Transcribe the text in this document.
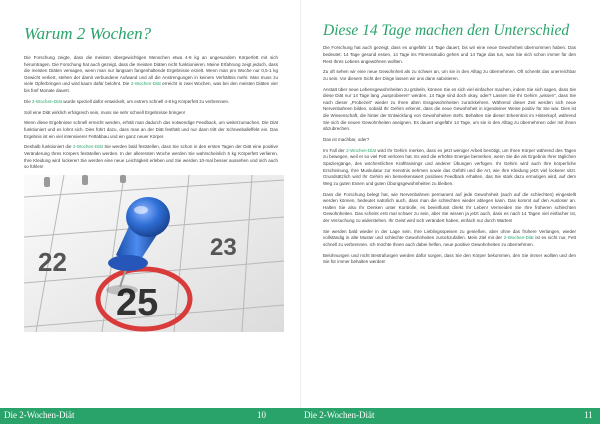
Warum 2 Wochen?

Die Forschung zeigte, dass die meisten übergewichtigen Menschen etwa 4-8 kg an ungesundem Körperfett mit sich herumtragen. Die Forschung hat auch gezeigt, dass die meisten Diäten nicht funktionieren. Meine Erfahrung zeigt jedoch, dass die meisten Diäten versagen, wenn man nur langsam fangenhaltende Ergebnisse erzielt. Wenn man pro Woche nur 0,5-1 kg Gewicht verliert, stehen der damit verbundene Aufwand und all die Anstrengungen in keinem Verhältnis mehr. Man muss zu viele Opferbringen und wird kaum dafür belohnt. Die 2-Wochen-Diät erreicht in zwei Wochen, was bei den meisten Diäten vier bis fünf Monate dauert.

Die 2-Wochen-Diät wurde speziell dafür entwickelt, um extrem schnell 4-8 kg Körperfett zu verbrennen.

Soll eine Diät wirklich erfolgreich sein, muss sie sehr schnell Ergebnisse bringen!

Wenn diese Ergebnisse schnell erreicht werden, erhält man dadurch das notwendige Feedback, um weiterzumachen. Die Diät funktioniert und es lohnt sich. Dies führt dazu, dass man an der Diät festhält und nur dann tritt der Schneeballeffekt ein. Das Ergebnis ist ein viel intensiverer Fettabbau und ein ganz neuer Körper.

Deshalb funktioniert die 2-Wochen-Diät Sie werden bald feststellen, dass Sie schon in den ersten Tagen der Diät eine positive Veränderung Ihres Körpers feststellen werden. In der allerersten Woche werden Sie wahrscheinlich 5 kg Körperfett verlieren. Ihre Kleidung wird lockerer! Sie werden eine neue Leichtigkeit erleben und Sie werden 10-mal besser aussehen und sich auch so fühlen!

22	23
25
Diese 14 Tage machen den Unterschied

Die Forschung hat auch gezeigt, dass es ungefähr 14 Tage dauert, bis wir eine neue Gewohnheit übernommen haben. Das bedeutet: 14 Tage gesund essen, 14 Tage ins Fitnessstudio gehen und 14 Tage das tun, was Sie sich schon immer für den Rest Ihres Lebens angewöhnen wollten.

Zu oft sehen wir eine neue Gewohnheit als zu schwer an, um sie in den Alltag zu übernehmen. Oft schenkt das unerreichbar zu sein. Vor diesem Sicht der Dinge lassen wir uns dann sabotieren.

Anstatt über neue Lebensgewohnheiten zu grübeln, können Sie es sich viel einfacher machen, indem Sie sich sagen, dass Sie diese Diät nur 14 Tage lang „ausprobieren“ werden. 14 Tage sind doch okay, oder? Lassen Sie Ihr Gehirn „wissen“, dass Sie nach dieser „Probezeit“ wieder zu Ihren alten Essgewohnheiten zurückkehren. Während dieser Zeit werden sich neue Nervenbahnen bilden, sobald Ihr Gehirn erkennt, dass die neue Gewohnheit in irgendeiner Weise positiv für Sie war. Dies ist die Wissenschaft, die hinter der Entwicklung von Gewohnheiten steht. Behalten Sie dieser Erkenntnis im Hinterkopf, während Sie sich die neuen Gewohnheiten aneignen. Es dauert ungefähr 14 Tage, um sie in den Alltag zu übernehmen oder mit ihnen abzubrechen.

Das ist machbar, oder?

Im Fall der 2-Wochen-Diät wird Ihr Gehirn merken, dass es jetzt weniger Arbeit benötigt, um Ihren Körper während des Tages zu bewegen, weil er so viel Fett verloren hat. Es wird die erhöhte Energie bemerken, wenn Sie die als Ergebnis Ihrer täglichen Spaziergänge, des wöchentlichen Krafttrainings und anderer Übungen verfügen. Ihr Gehirn wird auch Ihre körperliche Erscheinung, Ihre Muskulatur zur Kenntnis nehmen sowie das Gefühl und die Art, wie Ihre Kleidung jetzt viel lockerer sitzt. Grundsätzlich wird Ihr Gehirn ein bemerkenswert positives Feedback erhalten, das Sie stark dazu ermutigen wird, auf dem Weg zu guten Essen und guten Übungsgewohnheiten zu bleiben.

Dass die Forschung belegt hat, wie Nervenbahnen permanent auf jede Gewohnheit (auch auf die schlechten) eingestellt werden können, bedeutet natürlich auch, dass man die schlechten wieder ablegen kann. Das kommt auf den Ausloser an. Halten Sie also Ihr Denken unter Kontrolle, es beeinflusst direkt Ihr Leben! Vermeiden Sie Ihre früheren schlechten Gewohnheiten. Das scheint erst mal schwer zu sein, aber Sie wissen ja jetzt auch, dass es nach 14 Tagen viel einfacher ist, der Versuchung zu widerstehen. Ihr Geist wird sich verändert haben, einfach nur durch Warten!

Sie werden bald wieder in der Lage sein, Ihre Lieblingsspeisen zu genießen, aber ohne das frühere Verlangen, wieder vollständig in alte Muster und schlechte Gewohnheiten zurückzufallen. Mein Ziel mit der 2-Wochen-Diät ist es nicht nur, Fett schnell zu verbrennen. Ich möchte Ihnen auch dabei helfen, neue positive Gewohnheiten zu übernehmen.

Belohnungen und nicht Bestrafungen werden dafür sorgen, dass Sie den Körper bekommen, den Sie immer wollten und den Sie für immer behalten werden!

Die 2-Wochen-Diät	10	Die 2-Wochen-Diät	11
